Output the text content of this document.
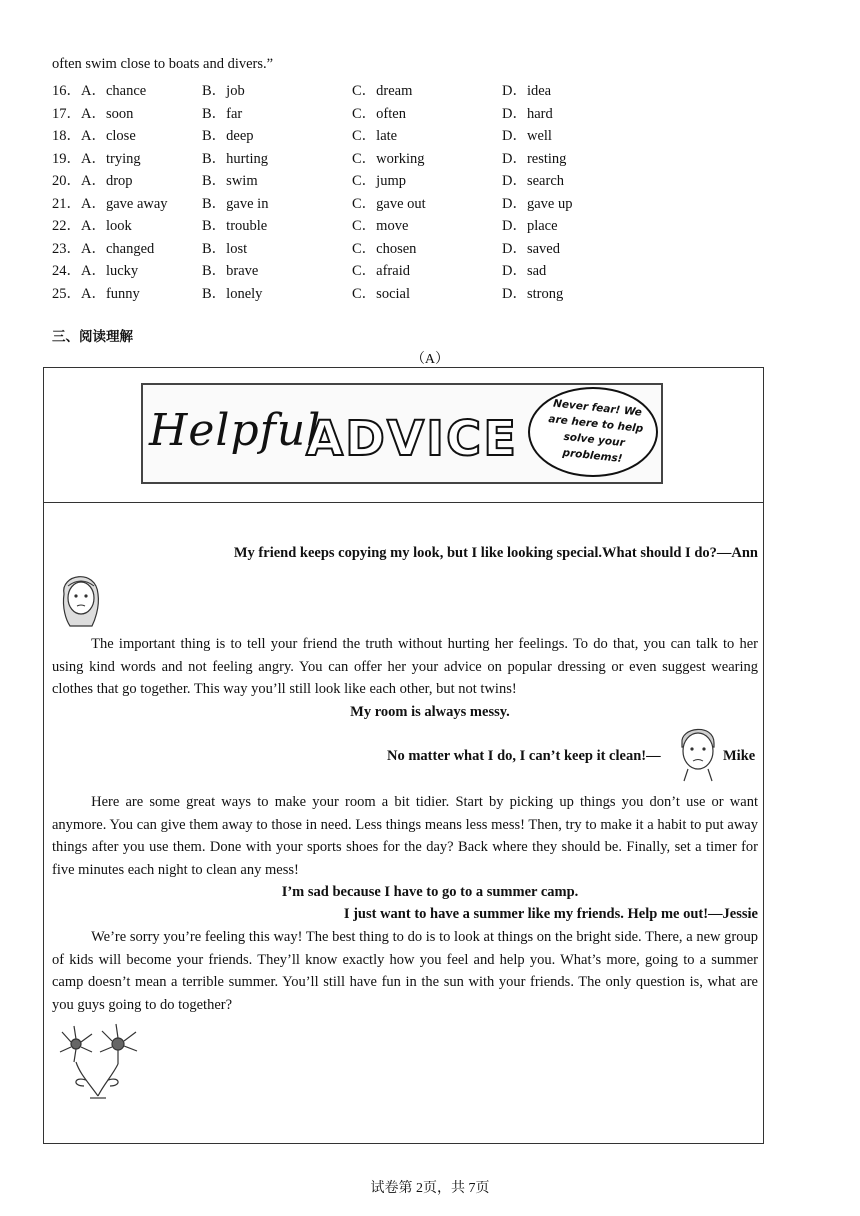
often swim close to boats and divers.”
16． A．chance	B．job	C．dream	D．idea
17． A．soon	B．far	C．often	D．hard
18． A．close	B．deep	C．late	D．well
19． A．trying	B．hurting	C．working	D．resting
20． A．drop	B．swim	C．jump	D．search
21． A．gave away B．gave in	C．gave out	D．gave up
22． A．look	B．trouble	C．move	D．place
23． A．changed	B．lost	C．chosen	D．saved
24． A．lucky	B．brave	C．afraid	D．sad
25． A．funny	B．lonely	C．social	D．strong
三、阅读理解
（A）
Helpful
ADVICE
Never fear! We are here to help solve your problems!
My friend keeps copying my look, but I like looking special.What should I do?—Ann
The important thing is to tell your friend the truth without hurting her feelings. To do that, you can talk to her using kind words and not feeling angry. You can offer her your advice on popular dressing or even suggest wearing clothes that go together. This way you’ll still look like each other, but not twins!
My room is always messy.
No matter what I do, I can’t keep it clean!—	Mike
Here are some great ways to make your room a bit tidier. Start by picking up things you don’t use or want anymore. You can give them away to those in need. Less things means less mess! Then, try to make it a habit to put away things after you use them. Done with your sports shoes for the day? Back where they should be. Finally, set a timer for five minutes each night to clean any mess!
I’m sad because I have to go to a summer camp.
I just want to have a summer like my friends. Help me out!—Jessie
We’re sorry you’re feeling this way! The best thing to do is to look at things on the bright side. There, a new group of kids will become your friends. They’ll know exactly how you feel and help you. What’s more, going to a summer camp doesn’t mean a terrible summer. You’ll still have fun in the sun with your friends. The only question is, what are you guys going to do together?
试卷第 2页，共 7页
